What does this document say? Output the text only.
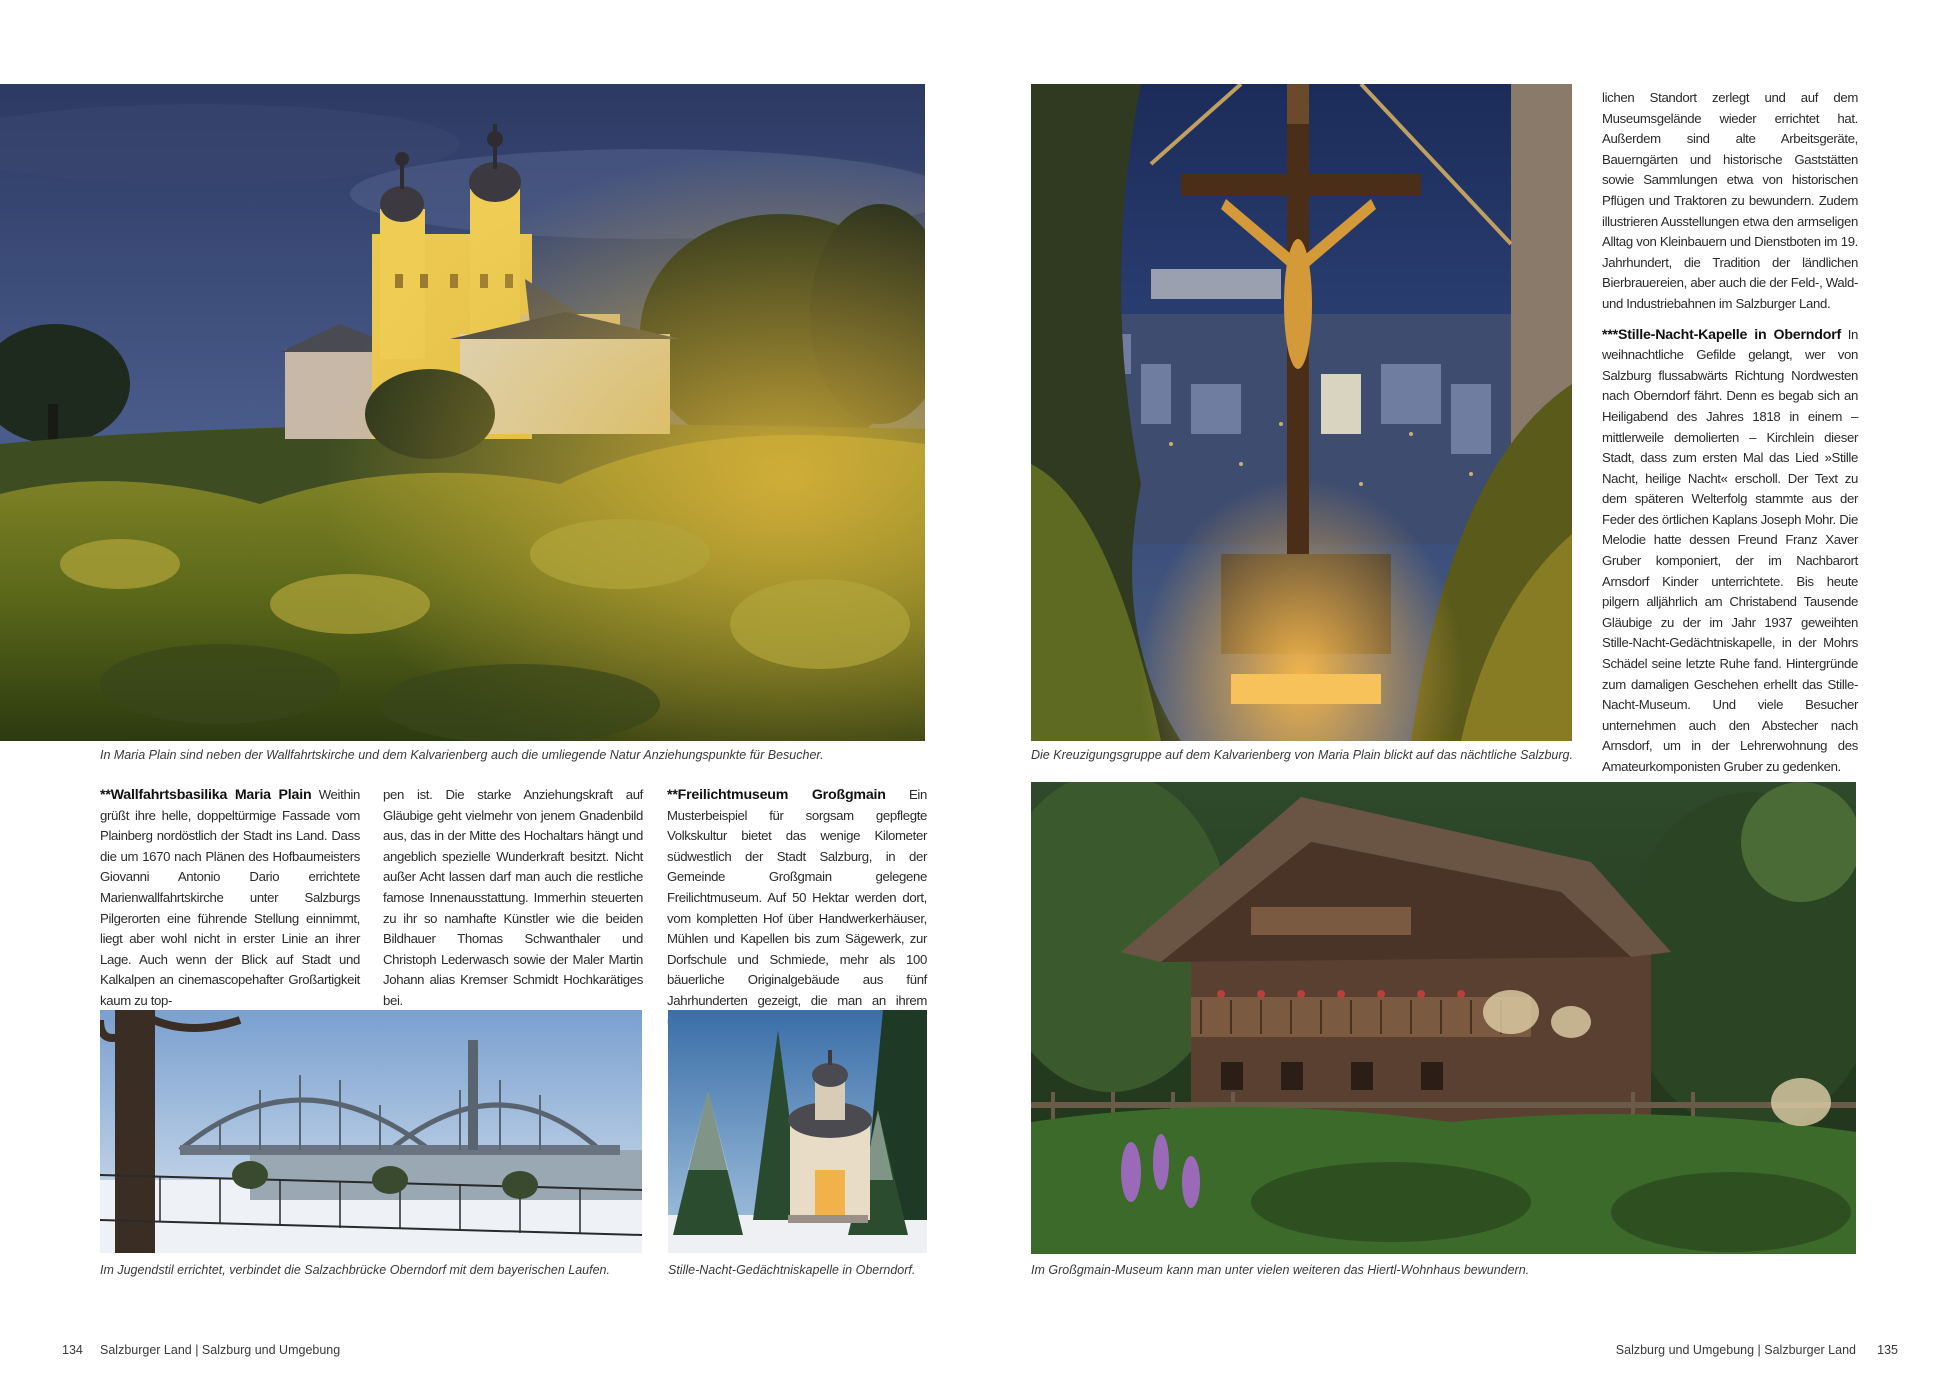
In Maria Plain sind neben der Wallfahrtskirche und dem Kalvarienberg auch die umliegende Natur Anziehungspunkte für Besucher.	Die Kreuzigungsgruppe auf dem Kalvarienberg von Maria Plain blickt auf das nächtliche Salzburg.

**Wallfahrtsbasilika Maria Plain Weithin grüßt ihre helle, doppeltürmige Fassade vom Plainberg nordöstlich der Stadt ins Land. Dass die um 1670 nach Plänen des Hofbaumeisters Giovanni Antonio Dario errichtete Marienwallfahrtskirche unter Salzburgs Pilgerorten eine führende Stellung einnimmt, liegt aber wohl nicht in erster Linie an ihrer Lage. Auch wenn der Blick auf Stadt und Kalkalpen an cinemascopehafter Großartigkeit kaum zu top-

pen ist. Die starke Anziehungskraft auf Gläubige geht vielmehr von jenem Gnadenbild aus, das in der Mitte des Hochaltars hängt und angeblich spezielle Wunderkraft besitzt. Nicht außer Acht lassen darf man auch die restliche famose Innenausstattung. Immerhin steuerten zu ihr so namhafte Künstler wie die beiden Bildhauer Thomas Schwanthaler und Christoph Lederwasch sowie der Maler Martin Johann alias Kremser Schmidt Hochkarätiges bei.

**Freilichtmuseum Großgmain Ein Musterbeispiel für sorgsam gepflegte Volkskultur bietet das wenige Kilometer südwestlich der Stadt Salzburg, in der Gemeinde Großgmain gelegene Freilichtmuseum. Auf 50 Hektar werden dort, vom kompletten Hof über Handwerkerhäuser, Mühlen und Kapellen bis zum Sägewerk, zur Dorfschule und Schmiede, mehr als 100 bäuerliche Originalgebäude aus fünf Jahrhunderten gezeigt, die man an ihrem

lichen Standort zerlegt und auf dem Museumsgelände wieder errichtet hat. Außerdem sind alte Arbeitsgeräte, Bauerngärten und historische Gaststätten sowie Sammlungen etwa von historischen Pflügen und Traktoren zu bewundern. Zudem illustrieren Ausstellungen etwa den armseligen Alltag von Kleinbauern und Dienstboten im 19. Jahrhundert, die Tradition der ländlichen Bierbrauereien, aber auch die der Feld-, Wald- und Industriebahnen im Salzburger Land.

***Stille-Nacht-Kapelle in Oberndorf In weihnachtliche Gefilde gelangt, wer von Salzburg flussabwärts Richtung Nordwesten nach Oberndorf fährt. Denn es begab sich an Heiligabend des Jahres 1818 in einem – mittlerweile demolierten – Kirchlein dieser Stadt, dass zum ersten Mal das Lied »Stille Nacht, heilige Nacht« erscholl. Der Text zu dem späteren Welterfolg stammte aus der Feder des örtlichen Kaplans Joseph Mohr. Die Melodie hatte dessen Freund Franz Xaver Gruber komponiert, der im Nachbarort Arnsdorf Kinder unterrichtete. Bis heute pilgern alljährlich am Christabend Tausende Gläubige zu der im Jahr 1937 geweihten Stille-Nacht-Gedächtniskapelle, in der Mohrs Schädel seine letzte Ruhe fand. Hintergründe zum damaligen Geschehen erhellt das Stille-Nacht-Museum. Und viele Besucher unternehmen auch den Abstecher nach Arnsdorf, um in der Lehrerwohnung des Amateurkomponisten Gruber zu gedenken.

Im Jugendstil errichtet, verbindet die Salzachbrücke Oberndorf mit dem bayerischen Laufen.	Stille-Nacht-Gedächtniskapelle in Oberndorf.	Im Großgmain-Museum kann man unter vielen weiteren das Hiertl-Wohnhaus bewundern.
134 Salzburger Land | Salzburg und Umgebung	Salzburg und Umgebung | Salzburger Land 135
